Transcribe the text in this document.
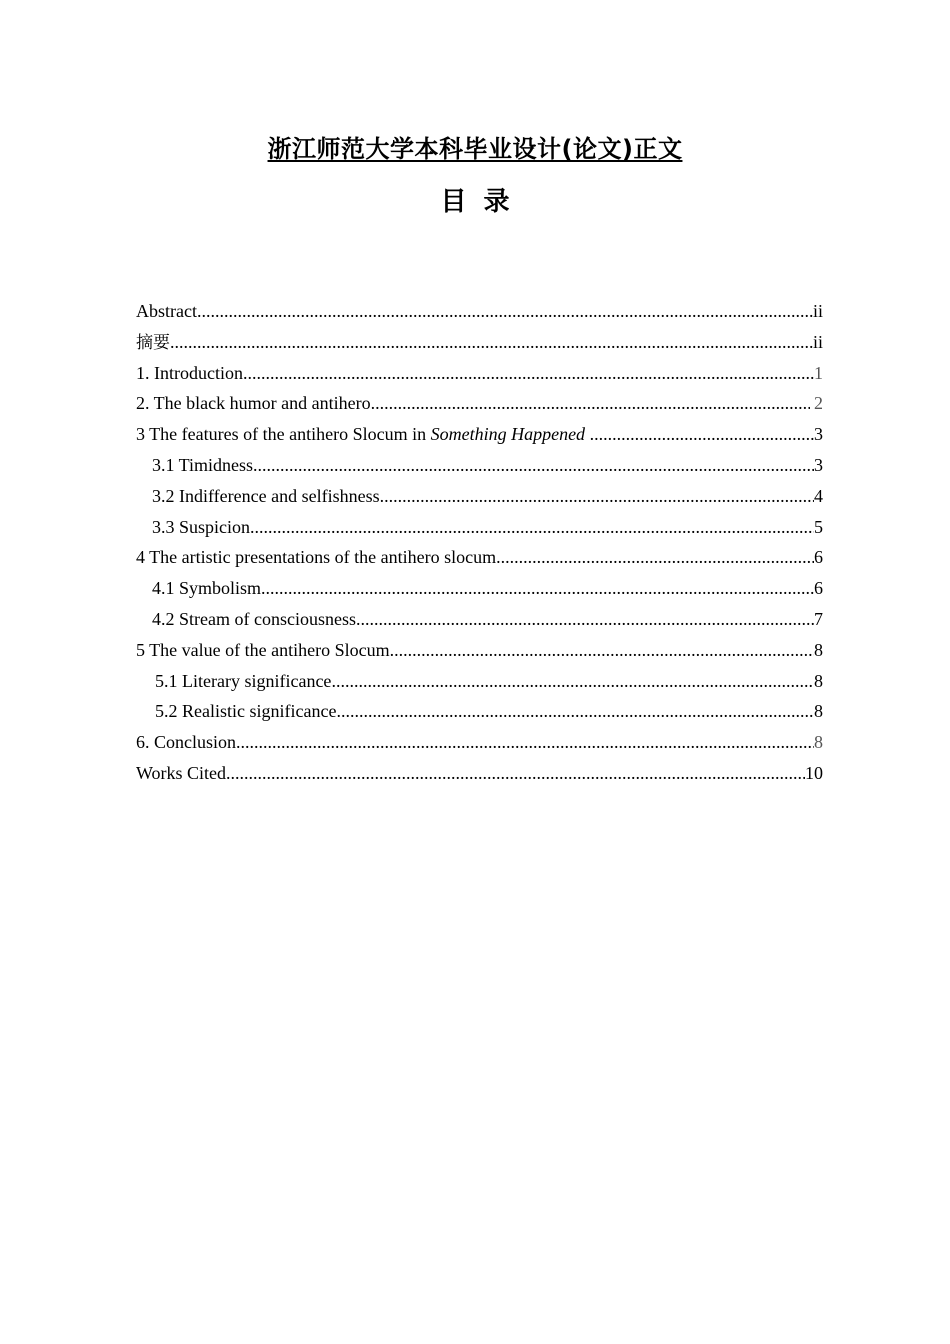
浙江师范大学本科毕业设计(论文)正文
目 录
Abstract .....	ii
摘要 .....	ii
1. Introduction .....	1
2. The black humor and antihero .....	2
3 The features of the antihero Slocum in Something Happened .....	3
3.1 Timidness .....	3
3.2 Indifference and selfishness .....	4
3.3 Suspicion .....	5
4 The artistic presentations of the antihero slocum .....	6
4.1 Symbolism .....	6
4.2 Stream of consciousness .....	7
5 The value of the antihero Slocum .....	8
5.1 Literary significance .....	8
5.2 Realistic significance .....	8
6. Conclusion .....	8
Works Cited .....	10
